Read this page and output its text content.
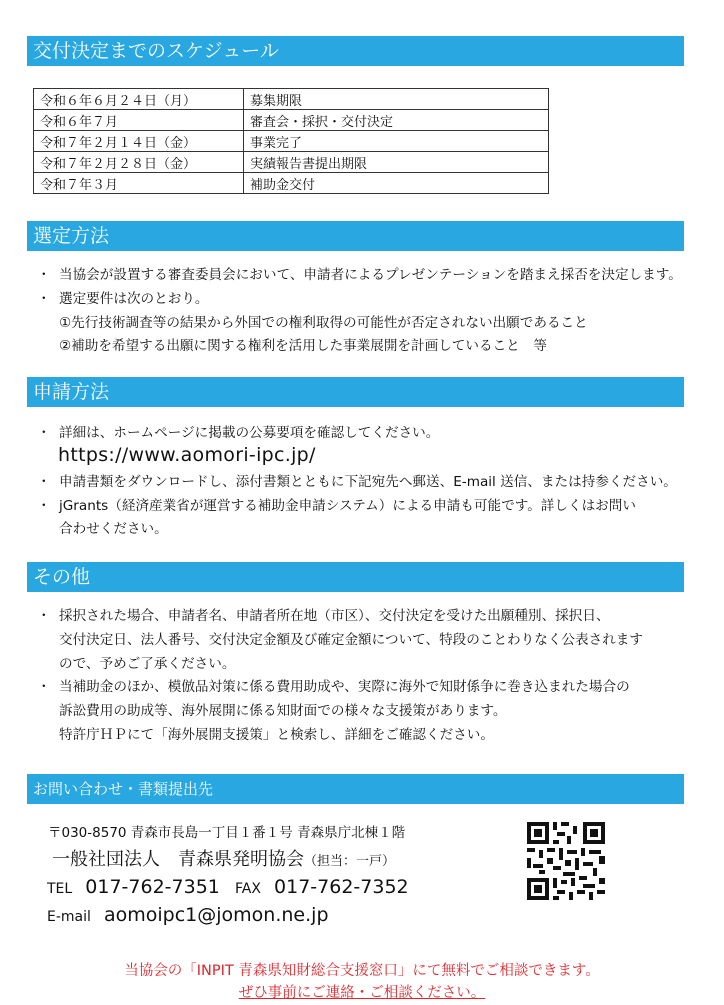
交付決定までのスケジュール
令和６年６月２４日（月）	募集期限
令和６年７月	審査会・採択・交付決定
令和７年２月１４日（金）	事業完了
令和７年２月２８日（金）	実績報告書提出期限
令和７年３月	補助金交付
選定方法
・ 当協会が設置する審査委員会において、申請者によるプレゼンテーションを踏まえ採否を決定します。
・ 選定要件は次のとおり。
①先行技術調査等の結果から外国での権利取得の可能性が否定されない出願であること
②補助を希望する出願に関する権利を活用した事業展開を計画していること　等
申請方法
・ 詳細は、ホームページに掲載の公募要項を確認してください。
https://www.aomori-ipc.jp/
・ 申請書類をダウンロードし、添付書類とともに下記宛先へ郵送、E-mail 送信、または持参ください。
・ jGrants（経済産業省が運営する補助金申請システム）による申請も可能です。詳しくはお問い
合わせください。
その他
・ 採択された場合、申請者名、申請者所在地（市区）、交付決定を受けた出願種別、採択日、
交付決定日、法人番号、交付決定金額及び確定金額について、特段のことわりなく公表されます
ので、予めご了承ください。
・ 当補助金のほか、模倣品対策に係る費用助成や、実際に海外で知財係争に巻き込まれた場合の
訴訟費用の助成等、海外展開に係る知財面での様々な支援策があります。
特許庁ＨＰにて「海外展開支援策」と検索し、詳細をご確認ください。
お問い合わせ・書類提出先
〒030-8570 青森市長島一丁目１番１号 青森県庁北棟１階
一般社団法人　青森県発明協会（担当：一戸）
TEL 017-762-7351 FAX 017-762-7352
E-mail aomoipc1@jomon.ne.jp
当協会の「INPIT 青森県知財総合支援窓口」にて無料でご相談できます。
ぜひ事前にご連絡・ご相談ください。
